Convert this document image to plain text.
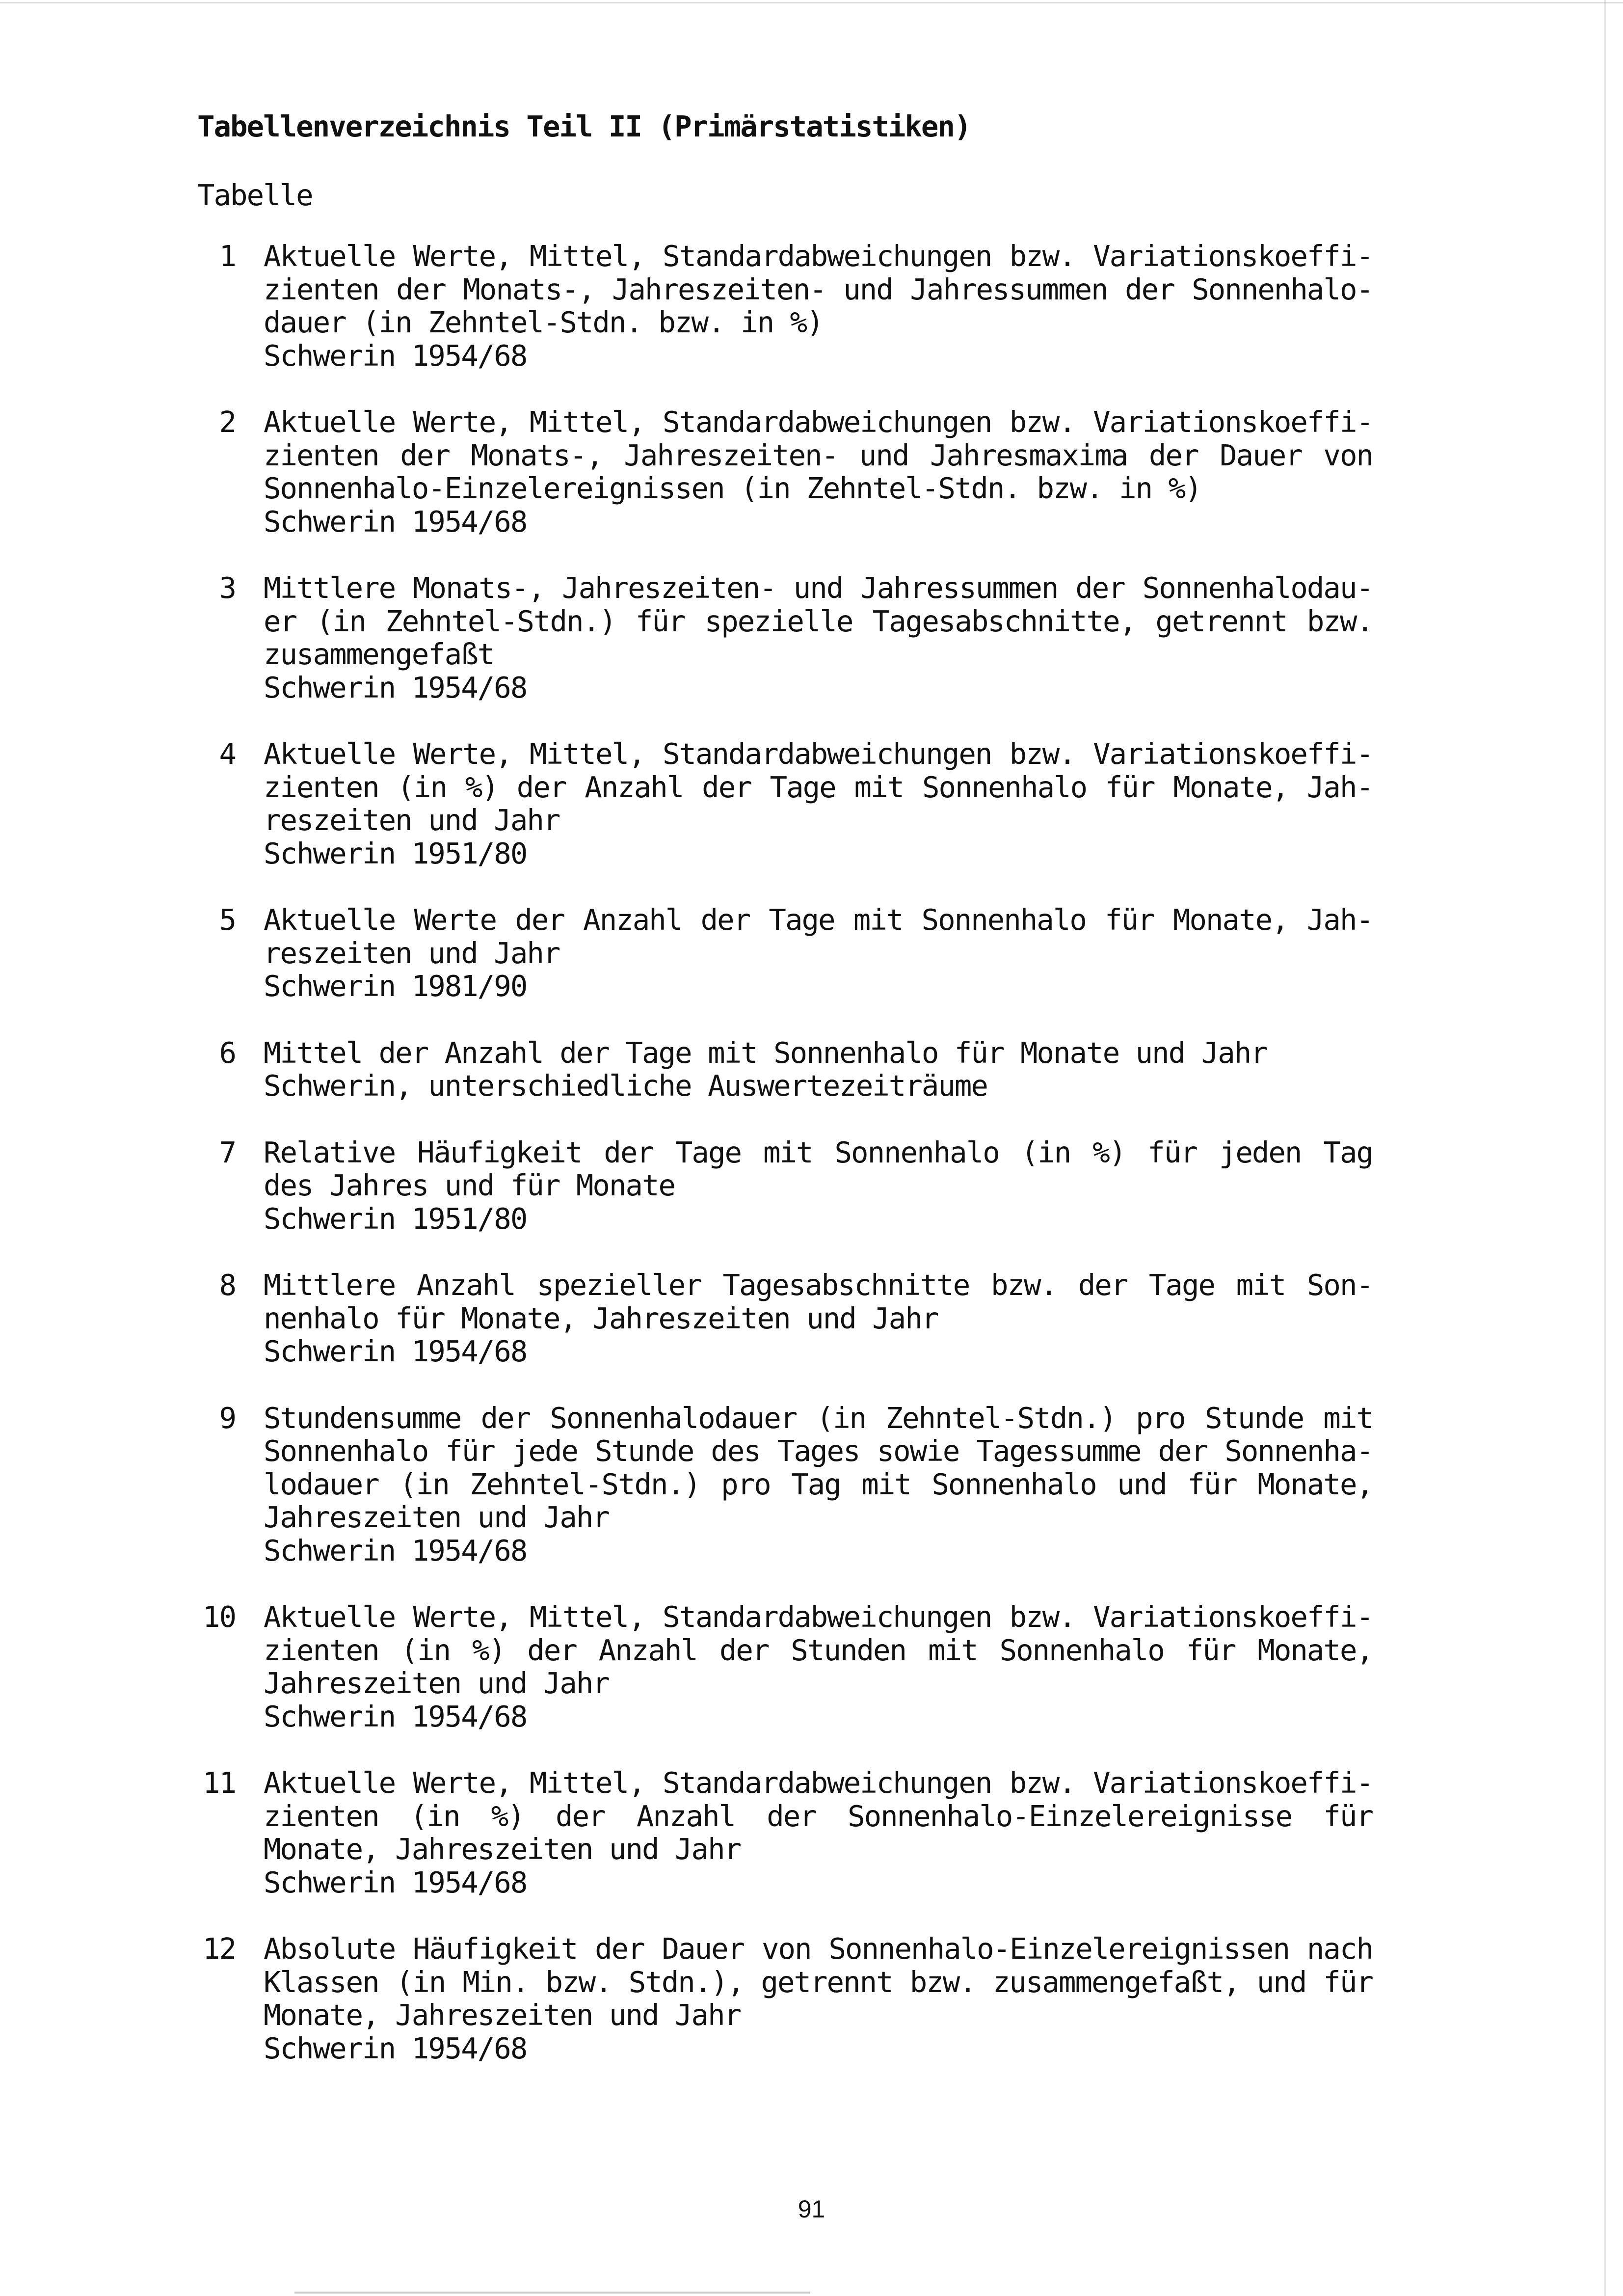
Tabellenverzeichnis Teil II (Primärstatistiken)
Tabelle
1 Aktuelle Werte, Mittel, Standardabweichungen bzw. Variationskoeffi-
zienten der Monats-, Jahreszeiten- und Jahressummen der Sonnenhalo-
dauer (in Zehntel-Stdn. bzw. in %)
Schwerin 1954/68
2 Aktuelle Werte, Mittel, Standardabweichungen bzw. Variationskoeffi-
zienten der Monats-, Jahreszeiten- und Jahresmaxima der Dauer von
Sonnenhalo-Einzelereignissen (in Zehntel-Stdn. bzw. in %)
Schwerin 1954/68
3 Mittlere Monats-, Jahreszeiten- und Jahressummen der Sonnenhalodau-
er (in Zehntel-Stdn.) für spezielle Tagesabschnitte, getrennt bzw.
zusammengefaßt
Schwerin 1954/68
4 Aktuelle Werte, Mittel, Standardabweichungen bzw. Variationskoeffi-
zienten (in %) der Anzahl der Tage mit Sonnenhalo für Monate, Jah-
reszeiten und Jahr
Schwerin 1951/80
5 Aktuelle Werte der Anzahl der Tage mit Sonnenhalo für Monate, Jah-
reszeiten und Jahr
Schwerin 1981/90
6 Mittel der Anzahl der Tage mit Sonnenhalo für Monate und Jahr
Schwerin, unterschiedliche Auswertezeiträume
7 Relative Häufigkeit der Tage mit Sonnenhalo (in %) für jeden Tag
des Jahres und für Monate
Schwerin 1951/80
8 Mittlere Anzahl spezieller Tagesabschnitte bzw. der Tage mit Son-
nenhalo für Monate, Jahreszeiten und Jahr
Schwerin 1954/68
9 Stundensumme der Sonnenhalodauer (in Zehntel-Stdn.) pro Stunde mit
Sonnenhalo für jede Stunde des Tages sowie Tagessumme der Sonnenha-
lodauer (in Zehntel-Stdn.) pro Tag mit Sonnenhalo und für Monate,
Jahreszeiten und Jahr
Schwerin 1954/68
10 Aktuelle Werte, Mittel, Standardabweichungen bzw. Variationskoeffi-
zienten (in %) der Anzahl der Stunden mit Sonnenhalo für Monate,
Jahreszeiten und Jahr
Schwerin 1954/68
11 Aktuelle Werte, Mittel, Standardabweichungen bzw. Variationskoeffi-
zienten (in %) der Anzahl der Sonnenhalo-Einzelereignisse für
Monate, Jahreszeiten und Jahr
Schwerin 1954/68
12 Absolute Häufigkeit der Dauer von Sonnenhalo-Einzelereignissen nach
Klassen (in Min. bzw. Stdn.), getrennt bzw. zusammengefaßt, und für
Monate, Jahreszeiten und Jahr
Schwerin 1954/68
91
